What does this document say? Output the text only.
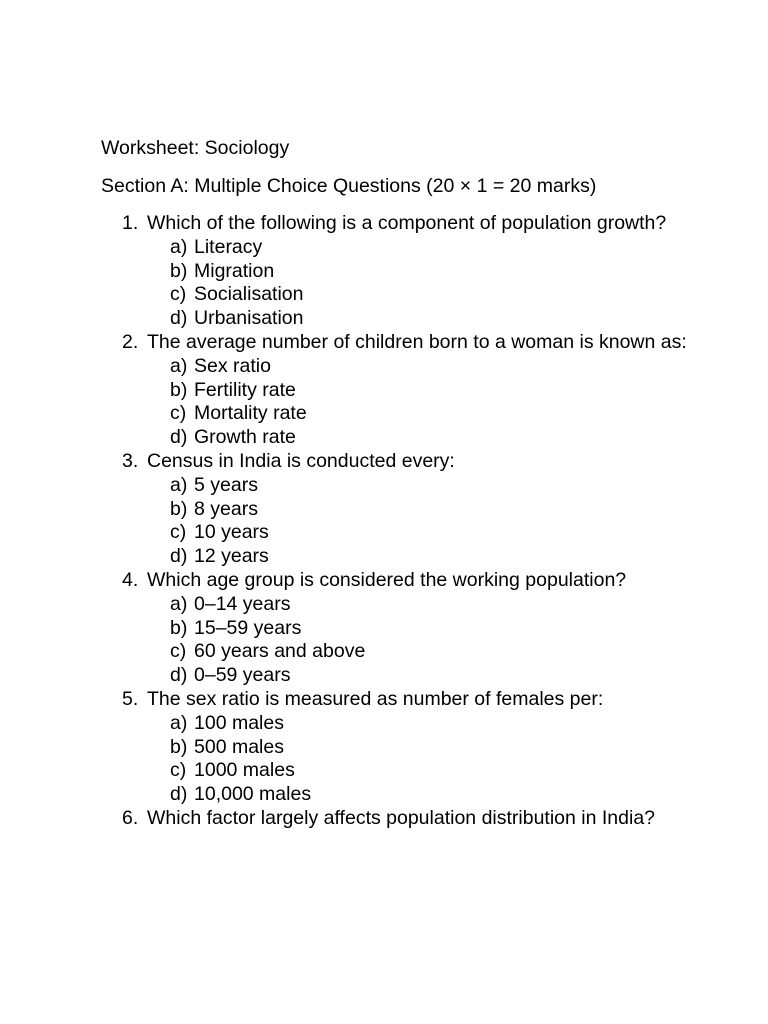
Worksheet: Sociology

Section A: Multiple Choice Questions (20 × 1 = 20 marks)

1. Which of the following is a component of population growth?
a) Literacy
b) Migration
c) Socialisation
d) Urbanisation
2. The average number of children born to a woman is known as:
a) Sex ratio
b) Fertility rate
c) Mortality rate
d) Growth rate
3. Census in India is conducted every:
a) 5 years
b) 8 years
c) 10 years
d) 12 years
4. Which age group is considered the working population?
a) 0–14 years
b) 15–59 years
c) 60 years and above
d) 0–59 years
5. The sex ratio is measured as number of females per:
a) 100 males
b) 500 males
c) 1000 males
d) 10,000 males
6. Which factor largely affects population distribution in India?
